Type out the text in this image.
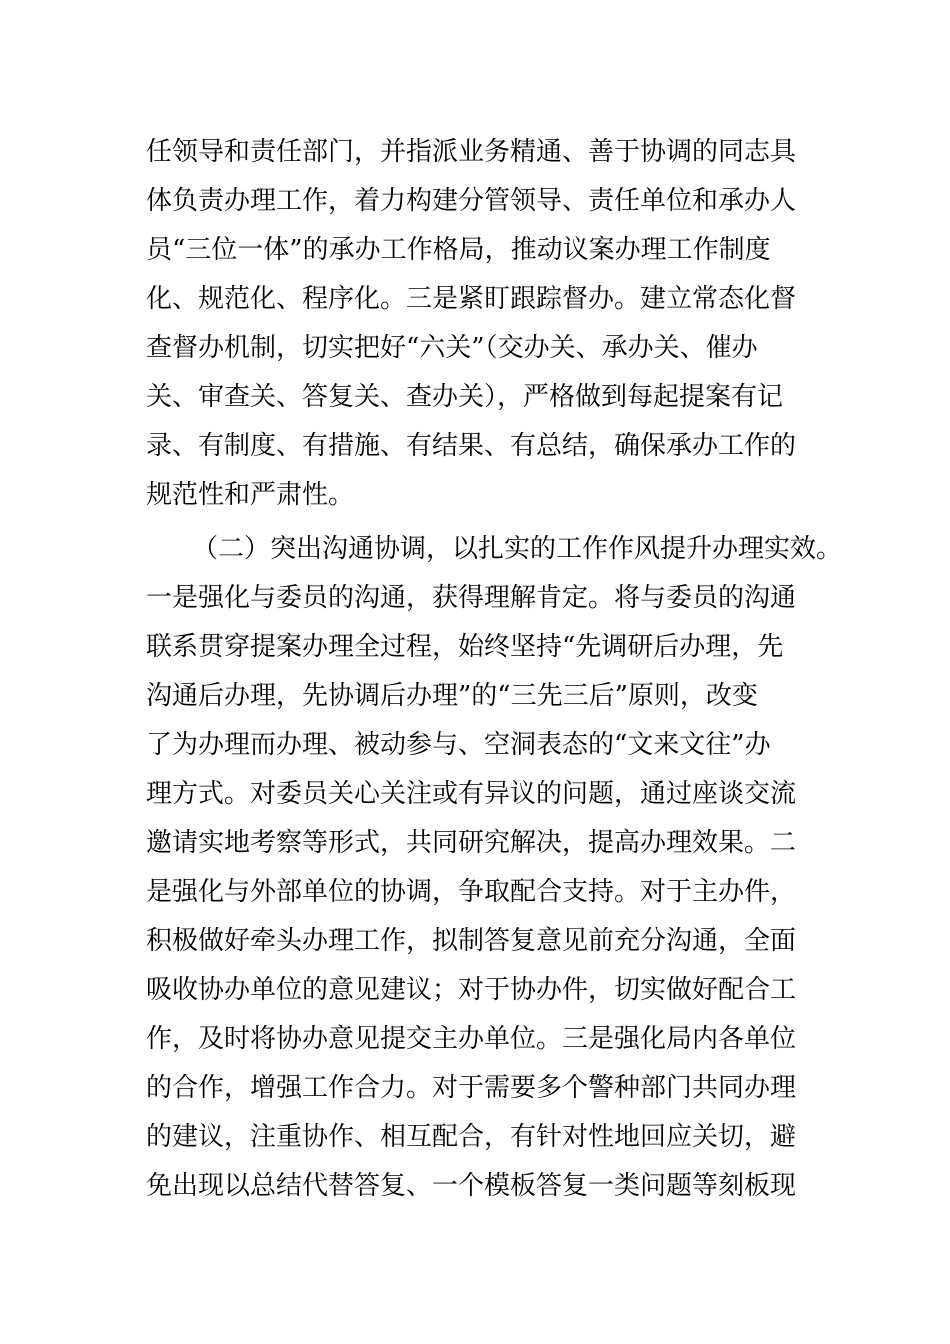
任领导和责任部门，并指派业务精通、善于协调的同志具
体负责办理工作，着力构建分管领导、责任单位和承办人
员“三位一体”的承办工作格局，推动议案办理工作制度
化、规范化、程序化。三是紧盯跟踪督办。建立常态化督
查督办机制，切实把好“六关”（交办关、承办关、催办
关、审查关、答复关、查办关），严格做到每起提案有记
录、有制度、有措施、有结果、有总结，确保承办工作的
规范性和严肃性。
（二）突出沟通协调，以扎实的工作作风提升办理实效。
一是强化与委员的沟通，获得理解肯定。将与委员的沟通
联系贯穿提案办理全过程，始终坚持“先调研后办理，先
沟通后办理，先协调后办理”的“三先三后”原则，改变
了为办理而办理、被动参与、空洞表态的“文来文往”办
理方式。对委员关心关注或有异议的问题，通过座谈交流
邀请实地考察等形式，共同研究解决，提高办理效果。二
是强化与外部单位的协调，争取配合支持。对于主办件，
积极做好牵头办理工作，拟制答复意见前充分沟通，全面
吸收协办单位的意见建议；对于协办件，切实做好配合工
作，及时将协办意见提交主办单位。三是强化局内各单位
的合作，增强工作合力。对于需要多个警种部门共同办理
的建议，注重协作、相互配合，有针对性地回应关切，避
免出现以总结代替答复、一个模板答复一类问题等刻板现
